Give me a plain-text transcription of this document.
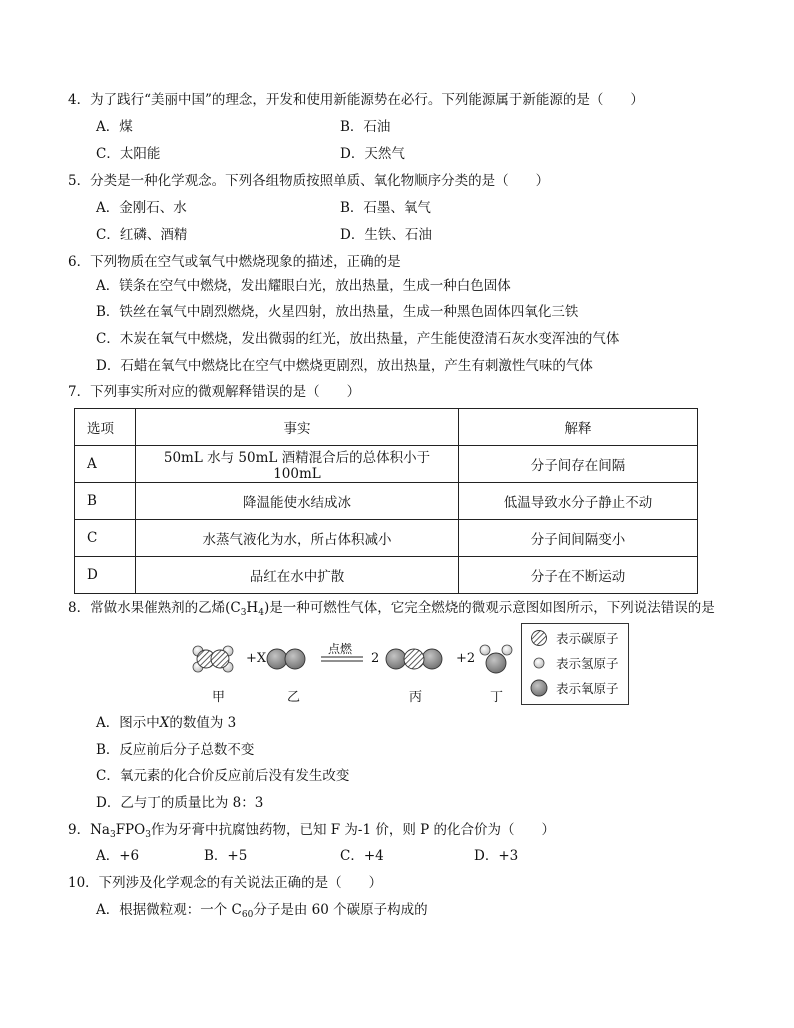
4．为了践行“美丽中国”的理念，开发和使用新能源势在必行。下列能源属于新能源的是（　　）
A．煤	B．石油
C．太阳能	D．天然气
5．分类是一种化学观念。下列各组物质按照单质、氧化物顺序分类的是（　　）
A．金刚石、水	B．石墨、氧气
C．红磷、酒精	D．生铁、石油
6．下列物质在空气或氧气中燃烧现象的描述，正确的是
A．镁条在空气中燃烧，发出耀眼白光，放出热量，生成一种白色固体
B．铁丝在氧气中剧烈燃烧，火星四射，放出热量，生成一种黑色固体四氧化三铁
C．木炭在氧气中燃烧，发出微弱的红光，放出热量，产生能使澄清石灰水变浑浊的气体
D．石蜡在氧气中燃烧比在空气中燃烧更剧烈，放出热量，产生有刺激性气味的气体
7．下列事实所对应的微观解释错误的是（　　）
选项	事实	解释
A	50mL 水与 50mL 酒精混合后的总体积小于 100mL	分子间存在间隔
B	降温能使水结成冰	低温导致水分子静止不动
C	水蒸气液化为水，所占体积减小	分子间间隔变小
D	品红在水中扩散	分子在不断运动
8．常做水果催熟剂的乙烯$(C_3H_4)$是一种可燃性气体，它完全燃烧的微观示意图如图所示，下列说法错误的是
+X
点燃
2	+2
甲	乙	丙	丁
表示碳原子
表示氢原子
表示氧原子
A．图示中X的数值为 3
B．反应前后分子总数不变
C．氧元素的化合价反应前后没有发生改变
D．乙与丁的质量比为 8：3
9．$Na_3FPO_3$作为牙膏中抗腐蚀药物，已知 F 为-1 价，则 P 的化合价为（　　）
A．+6	B．+5	C．+4	D．+3
10．下列涉及化学观念的有关说法正确的是（　　）
A．根据微粒观：一个 $C_{60}$分子是由 60 个碳原子构成的
